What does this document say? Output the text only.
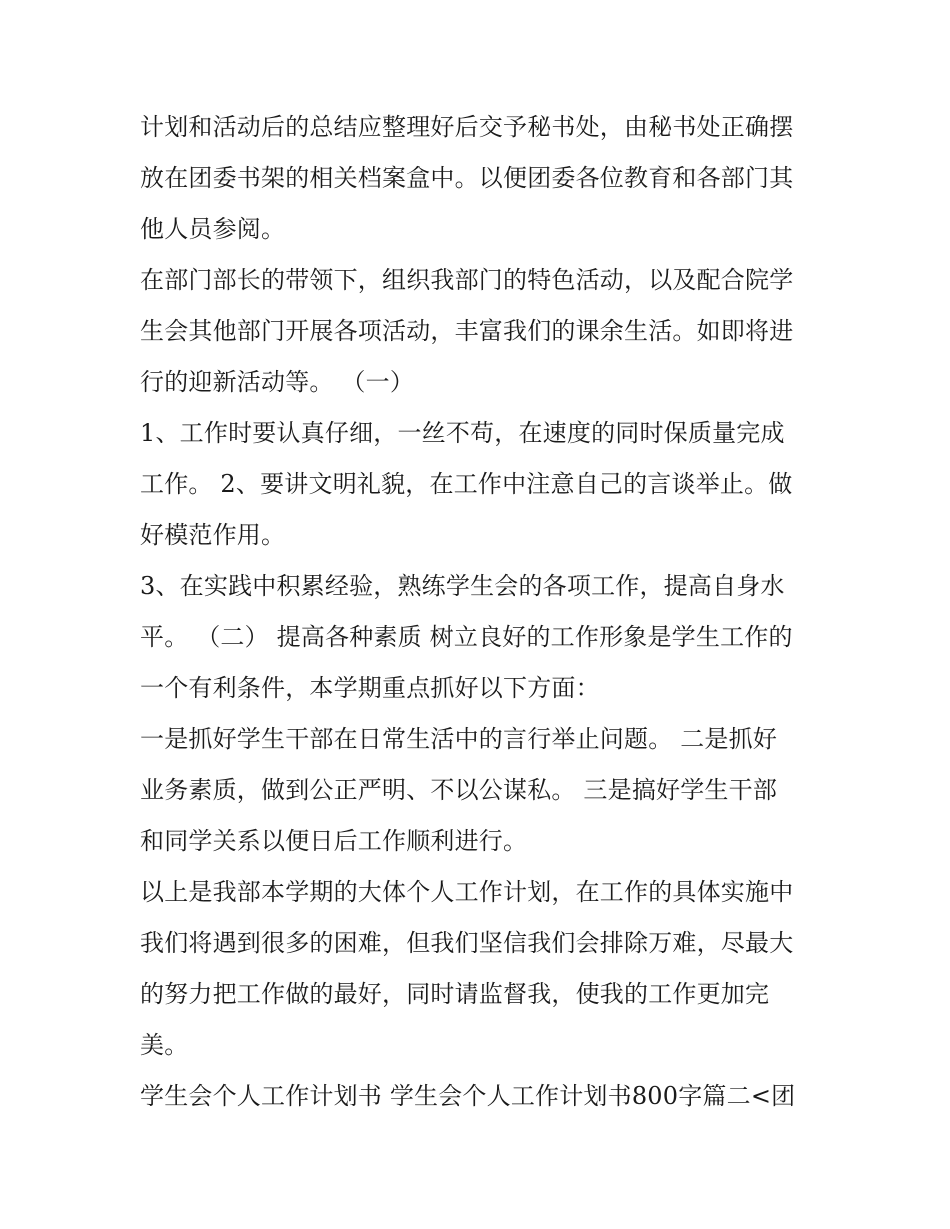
计划和活动后的总结应整理好后交予秘书处，由秘书处正确摆
放在团委书架的相关档案盒中。以便团委各位教育和各部门其
他人员参阅。
在部门部长的带领下，组织我部门的特色活动，以及配合院学
生会其他部门开展各项活动，丰富我们的课余生活。如即将进
行的迎新活动等。 （一）
1、工作时要认真仔细，一丝不苟，在速度的同时保质量完成
工作。 2、要讲文明礼貌，在工作中注意自己的言谈举止。做
好模范作用。
3、在实践中积累经验，熟练学生会的各项工作，提高自身水
平。 （二） 提高各种素质 树立良好的工作形象是学生工作的
一个有利条件，本学期重点抓好以下方面：
一是抓好学生干部在日常生活中的言行举止问题。 二是抓好
业务素质，做到公正严明、不以公谋私。 三是搞好学生干部
和同学关系以便日后工作顺利进行。
以上是我部本学期的大体个人工作计划，在工作的具体实施中
我们将遇到很多的困难，但我们坚信我们会排除万难，尽最大
的努力把工作做的最好，同时请监督我，使我的工作更加完
美。
学生会个人工作计划书 学生会个人工作计划书800字篇二<团
